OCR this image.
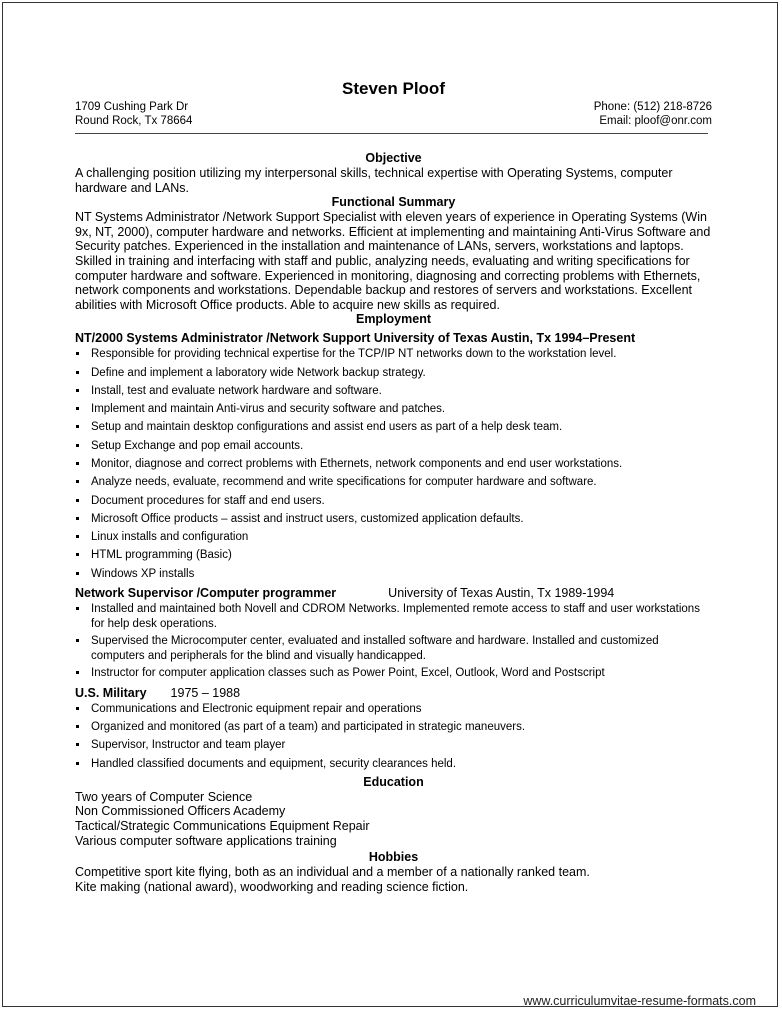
Steven Ploof
1709 Cushing Park Dr
Round Rock, Tx 78664
Phone: (512) 218-8726
Email: ploof@onr.com
Objective

A challenging position utilizing my interpersonal skills, technical expertise with Operating Systems, computer hardware and LANs.

Functional Summary

NT Systems Administrator /Network Support Specialist with eleven years of experience in Operating Systems (Win 9x, NT, 2000), computer hardware and networks. Efficient at implementing and maintaining Anti-Virus Software and Security patches. Experienced in the installation and maintenance of LANs, servers, workstations and laptops. Skilled in training and interfacing with staff and public, analyzing needs, evaluating and writing specifications for computer hardware and software. Experienced in monitoring, diagnosing and correcting problems with Ethernets, network components and workstations. Dependable backup and restores of servers and workstations. Excellent abilities with Microsoft Office products. Able to acquire new skills as required.

Employment
NT/2000 Systems Administrator /Network Support University of Texas Austin, Tx 1994–Present
Responsible for providing technical expertise for the TCP/IP NT networks down to the workstation level.
Define and implement a laboratory wide Network backup strategy.
Install, test and evaluate network hardware and software.
Implement and maintain Anti-virus and security software and patches.
Setup and maintain desktop configurations and assist end users as part of a help desk team.
Setup Exchange and pop email accounts.
Monitor, diagnose and correct problems with Ethernets, network components and end user workstations.
Analyze needs, evaluate, recommend and write specifications for computer hardware and software.
Document procedures for staff and end users.
Microsoft Office products – assist and instruct users, customized application defaults.
Linux installs and configuration
HTML programming (Basic)
Windows XP installs
Network Supervisor /Computer programmer	University of Texas Austin, Tx 1989-1994
Installed and maintained both Novell and CDROM Networks. Implemented remote access to staff and user workstations for help desk operations.
Supervised the Microcomputer center, evaluated and installed software and hardware. Installed and customized computers and peripherals for the blind and visually handicapped.
Instructor for computer application classes such as Power Point, Excel, Outlook, Word and Postscript
U.S. Military 1975 – 1988
Communications and Electronic equipment repair and operations
Organized and monitored (as part of a team) and participated in strategic maneuvers.
Supervisor, Instructor and team player
Handled classified documents and equipment, security clearances held.
Education
Two years of Computer Science
Non Commissioned Officers Academy
Tactical/Strategic Communications Equipment Repair
Various computer software applications training
Hobbies
Competitive sport kite flying, both as an individual and a member of a nationally ranked team.
Kite making (national award), woodworking and reading science fiction.
www.curriculumvitae-resume-formats.com
